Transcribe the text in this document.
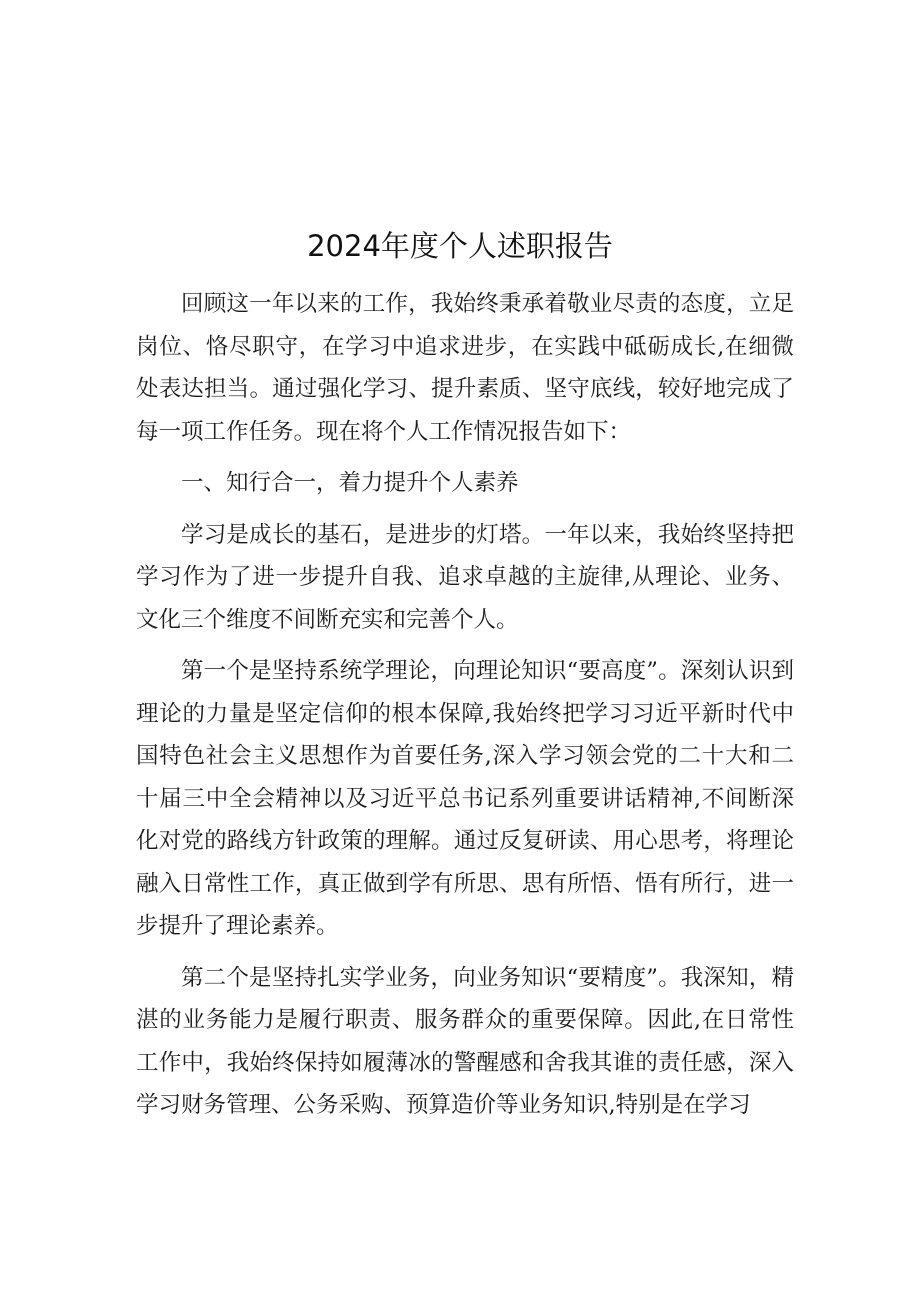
2024年度个人述职报告

回顾这一年以来的工作，我始终秉承着敬业尽责的态度，立足岗位、恪尽职守，在学习中追求进步，在实践中砥砺成长,在细微处表达担当。通过强化学习、提升素质、坚守底线，较好地完成了每一项工作任务。现在将个人工作情况报告如下：

一、知行合一，着力提升个人素养

学习是成长的基石，是进步的灯塔。一年以来，我始终坚持把学习作为了进一步提升自我、追求卓越的主旋律,从理论、业务、文化三个维度不间断充实和完善个人。

第一个是坚持系统学理论，向理论知识“要高度”。深刻认识到理论的力量是坚定信仰的根本保障,我始终把学习习近平新时代中国特色社会主义思想作为首要任务,深入学习领会党的二十大和二十届三中全会精神以及习近平总书记系列重要讲话精神,不间断深化对党的路线方针政策的理解。通过反复研读、用心思考，将理论融入日常性工作，真正做到学有所思、思有所悟、悟有所行，进一步提升了理论素养。

第二个是坚持扎实学业务，向业务知识“要精度”。我深知，精湛的业务能力是履行职责、服务群众的重要保障。因此,在日常性工作中，我始终保持如履薄冰的警醒感和舍我其谁的责任感，深入学习财务管理、公务采购、预算造价等业务知识,特别是在学习
